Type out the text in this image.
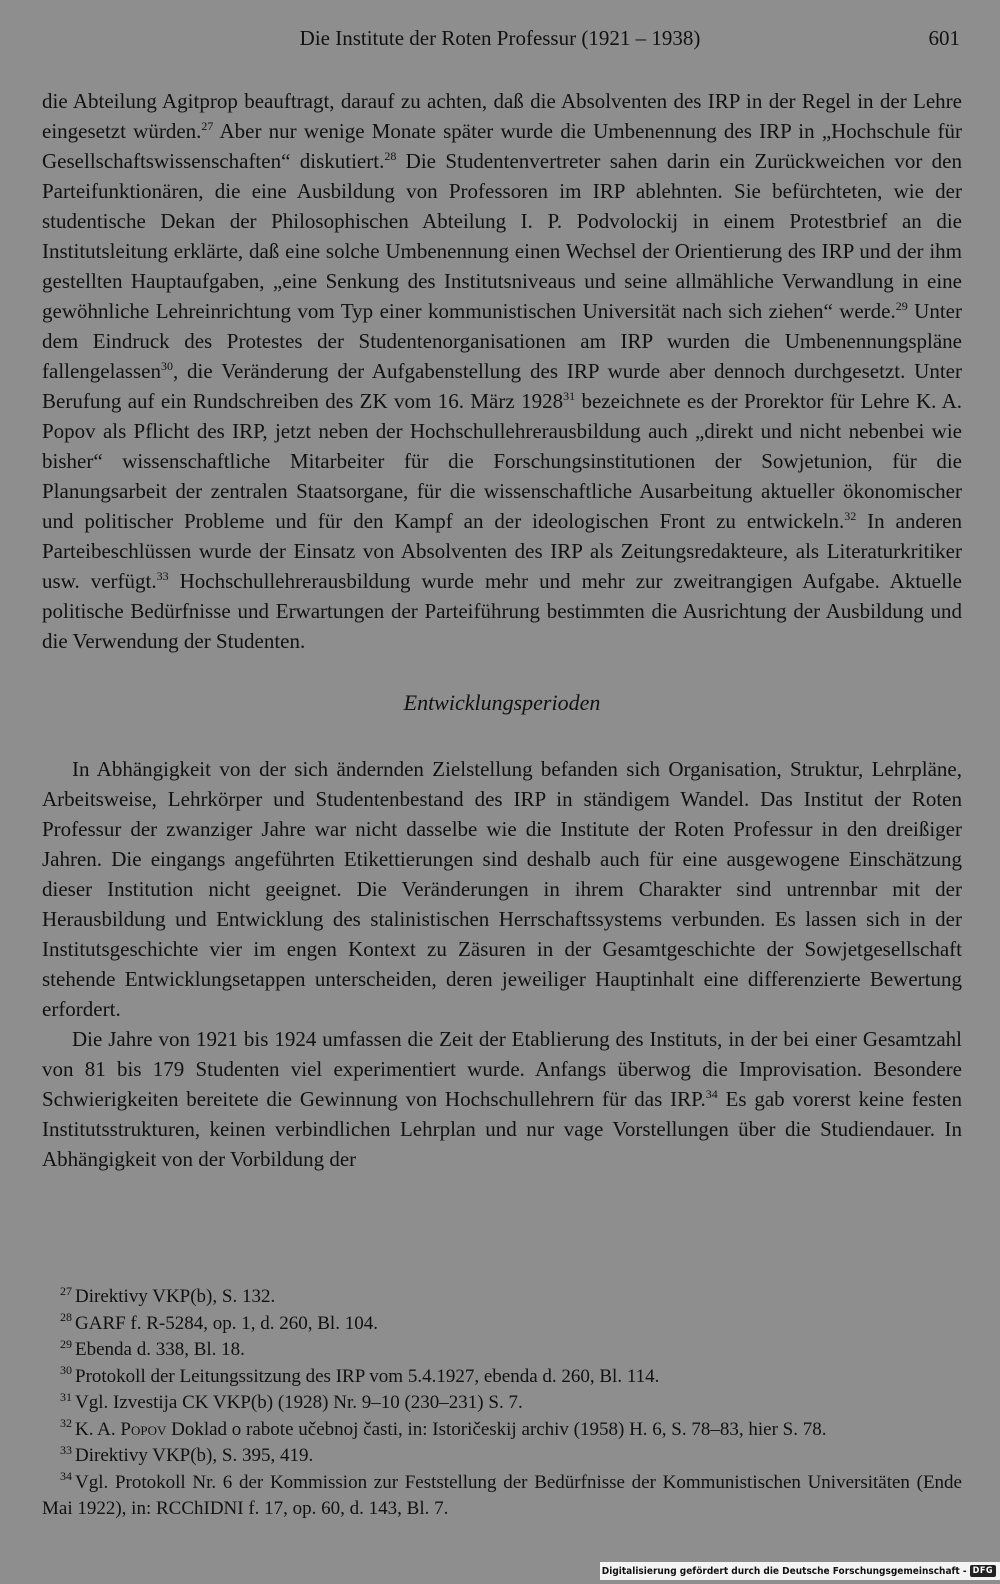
Die Institute der Roten Professur (1921 – 1938)	601

die Abteilung Agitprop beauftragt, darauf zu achten, daß die Absolventen des IRP in der Regel in der Lehre eingesetzt würden.$^{27}$ Aber nur wenige Monate später wurde die Umbenennung des IRP in „Hochschule für Gesellschaftswissenschaften“ diskutiert.$^{28}$ Die Studentenvertreter sahen darin ein Zurückweichen vor den Parteifunktionären, die eine Ausbildung von Professoren im IRP ablehnten. Sie befürchteten, wie der studentische Dekan der Philosophischen Abteilung I. P. Podvolockij in einem Protestbrief an die Institutsleitung erklärte, daß eine solche Umbenennung einen Wechsel der Orientierung des IRP und der ihm gestellten Hauptaufgaben, „eine Senkung des Institutsniveaus und seine allmähliche Verwandlung in eine gewöhnliche Lehreinrichtung vom Typ einer kommunistischen Universität nach sich ziehen“ werde.$^{29}$ Unter dem Eindruck des Protestes der Studentenorganisationen am IRP wurden die Umbenennungspläne fallengelassen$^{30}$, die Veränderung der Aufgabenstellung des IRP wurde aber dennoch durchgesetzt. Unter Berufung auf ein Rundschreiben des ZK vom 16. März 1928$^{31}$ bezeichnete es der Prorektor für Lehre K. A. Popov als Pflicht des IRP, jetzt neben der Hochschullehrerausbildung auch „direkt und nicht nebenbei wie bisher“ wissenschaftliche Mitarbeiter für die Forschungsinstitutionen der Sowjetunion, für die Planungsarbeit der zentralen Staatsorgane, für die wissenschaftliche Ausarbeitung aktueller ökonomischer und politischer Probleme und für den Kampf an der ideologischen Front zu entwickeln.$^{32}$ In anderen Parteibeschlüssen wurde der Einsatz von Absolventen des IRP als Zeitungsredakteure, als Literaturkritiker usw. verfügt.$^{33}$ Hochschullehrerausbildung wurde mehr und mehr zur zweitrangigen Aufgabe. Aktuelle politische Bedürfnisse und Erwartungen der Parteiführung bestimmten die Ausrichtung der Ausbildung und die Verwendung der Studenten.

Entwicklungsperioden

In Abhängigkeit von der sich ändernden Zielstellung befanden sich Organisation, Struktur, Lehrpläne, Arbeitsweise, Lehrkörper und Studentenbestand des IRP in ständigem Wandel. Das Institut der Roten Professur der zwanziger Jahre war nicht dasselbe wie die Institute der Roten Professur in den dreißiger Jahren. Die eingangs angeführten Etikettierungen sind deshalb auch für eine ausgewogene Einschätzung dieser Institution nicht geeignet. Die Veränderungen in ihrem Charakter sind untrennbar mit der Herausbildung und Entwicklung des stalinistischen Herrschaftssystems verbunden. Es lassen sich in der Institutsgeschichte vier im engen Kontext zu Zäsuren in der Gesamtgeschichte der Sowjetgesellschaft stehende Entwicklungsetappen unterscheiden, deren jeweiliger Hauptinhalt eine differenzierte Bewertung erfordert.

Die Jahre von 1921 bis 1924 umfassen die Zeit der Etablierung des Instituts, in der bei einer Gesamtzahl von 81 bis 179 Studenten viel experimentiert wurde. Anfangs überwog die Improvisation. Besondere Schwierigkeiten bereitete die Gewinnung von Hochschullehrern für das IRP.$^{34}$ Es gab vorerst keine festen Institutsstrukturen, keinen verbindlichen Lehrplan und nur vage Vorstellungen über die Studiendauer. In Abhängigkeit von der Vorbildung der

$^{27}$ Direktivy VKP(b), S. 132.

$^{28}$ GARF f. R-5284, op. 1, d. 260, Bl. 104.

$^{29}$ Ebenda d. 338, Bl. 18.

$^{30}$ Protokoll der Leitungssitzung des IRP vom 5.4.1927, ebenda d. 260, Bl. 114.

$^{31}$ Vgl. Izvestija CK VKP(b) (1928) Nr. 9–10 (230–231) S. 7.

$^{32}$ K. A. Popov Doklad o rabote učebnoj časti, in: Istoričeskij archiv (1958) H. 6, S. 78–83, hier S. 78.

$^{33}$ Direktivy VKP(b), S. 395, 419.

$^{34}$ Vgl. Protokoll Nr. 6 der Kommission zur Feststellung der Bedürfnisse der Kommunistischen Universitäten (Ende Mai 1922), in: RCChIDNI f. 17, op. 60, d. 143, Bl. 7.

Digitalisierung gefördert durch die Deutsche Forschungsgemeinschaft - DFG
